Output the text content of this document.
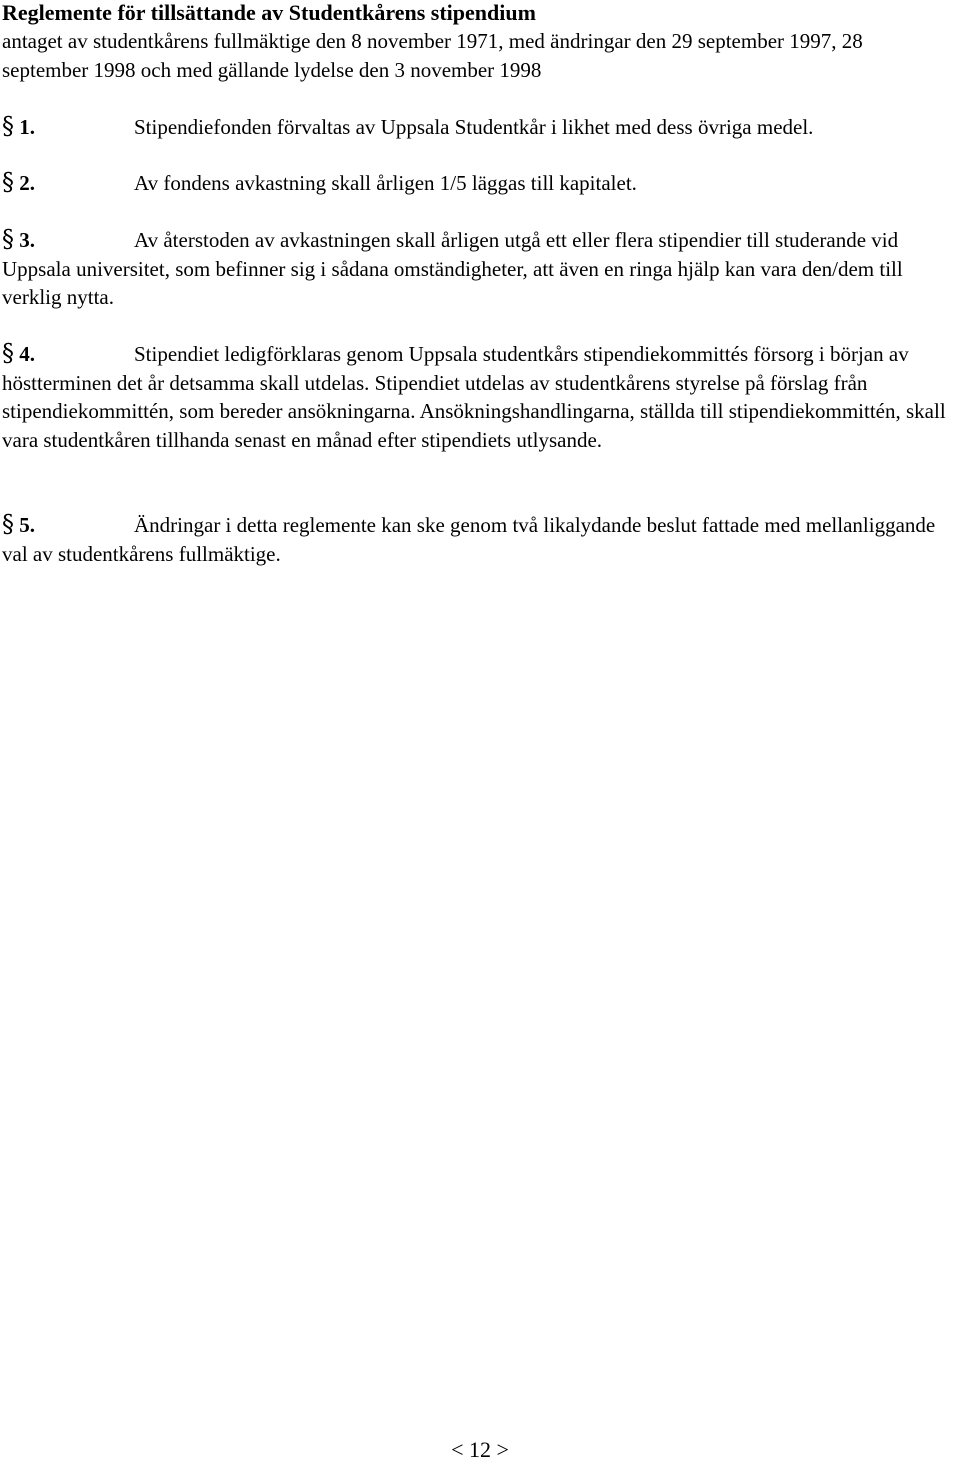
Reglemente för tillsättande av Studentkårens stipendium
antaget av studentkårens fullmäktige den 8 november 1971, med ändringar den 29 september 1997, 28 september 1998 och med gällande lydelse den 3 november 1998
§ 1.	Stipendiefonden förvaltas av Uppsala Studentkår i likhet med dess övriga medel.
§ 2.	Av fondens avkastning skall årligen 1/5 läggas till kapitalet.
§ 3.	Av återstoden av avkastningen skall årligen utgå ett eller flera stipendier till studerande vid Uppsala universitet, som befinner sig i sådana omständigheter, att även en ringa hjälp kan vara den/dem till verklig nytta.
§ 4.	Stipendiet ledigförklaras genom Uppsala studentkårs stipendiekommittés försorg i början av höstterminen det år detsamma skall utdelas. Stipendiet utdelas av studentkårens styrelse på förslag från stipendiekommittén, som bereder ansökningarna. Ansökningshandlingarna, ställda till stipendiekommittén, skall vara studentkåren tillhanda senast en månad efter stipendiets utlysande.
§ 5.	Ändringar i detta reglemente kan ske genom två likalydande beslut fattade med mellanliggande val av studentkårens fullmäktige.
< 12 >
